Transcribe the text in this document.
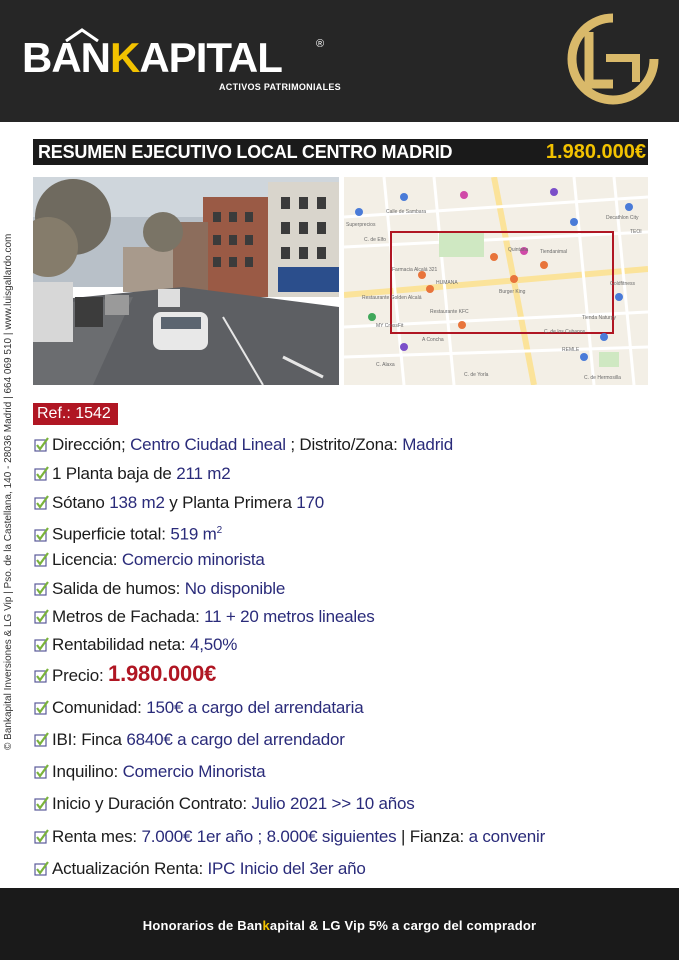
BANKAPITAL	®
ACTIVOS PATRIMONIALES
© Bankapital Inversiones & LG Vip | Pso. de la Castellana, 140 - 28036 Madrid | 664 069 510 | www.luisgallardo.com
RESUMEN EJECUTIVO LOCAL CENTRO MADRID	1.980.000€
Calle de Sambara
Superprecios
C. de Elfo
Farmacia Alcalá 321
Restaurante Golden Alcalá
Quintana
Burger King
Tiendanimal
HUMANA
Restaurante KFC
MY CrossFit
A Concha
Tienda Naturgy
REMLE
Decathlon City
TEOI
Goldfitness
C. Alaxa
C. de los Cubanos
C. de Hermosilla
C. de Yorla
Ref.: 1542
Dirección; Centro Ciudad Lineal ; Distrito/Zona: Madrid
1 Planta baja de 211 m2
Sótano 138 m2 y Planta Primera 170
Superficie total: 519 $m^2$
Licencia: Comercio minorista
Salida de humos: No disponible
Metros de Fachada: 11 + 20 metros lineales
Rentabilidad neta: 4,50%
Precio: 1.980.000€
Comunidad: 150€ a cargo del arrendataria
IBI: Finca 6840€ a cargo del arrendador
Inquilino: Comercio Minorista
Inicio y Duración Contrato: Julio 2021 >> 10 años
Renta mes: 7.000€ 1er año ; 8.000€ siguientes | Fianza: a convenir
Actualización Renta: IPC Inicio del 3er año
Honorarios de Bankapital & LG Vip 5% a cargo del comprador
